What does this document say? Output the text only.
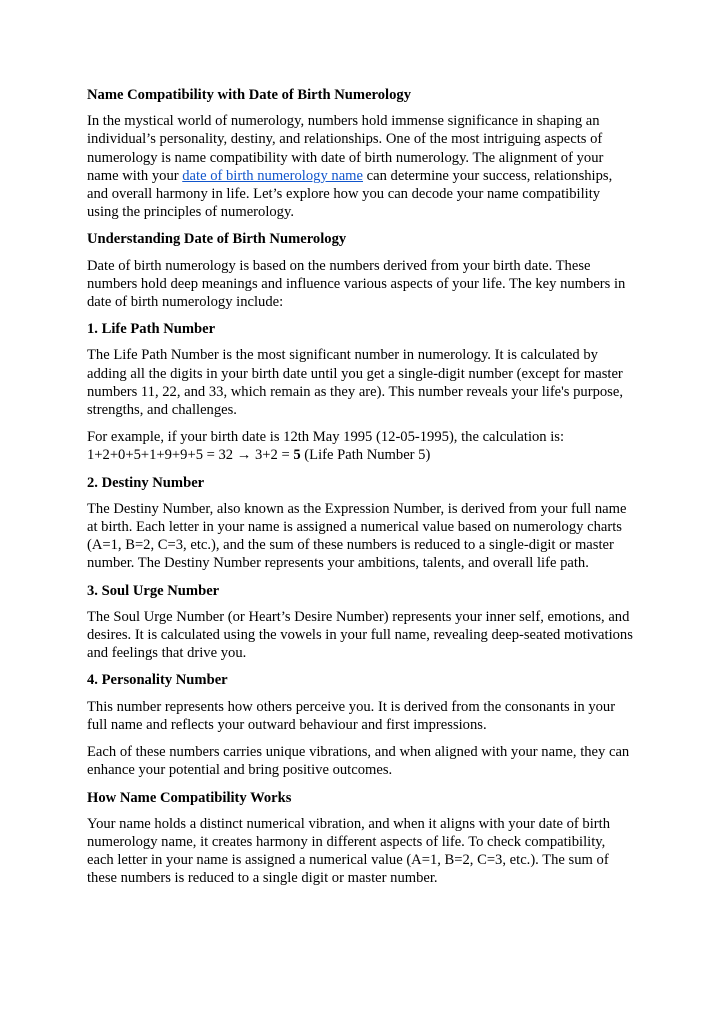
Name Compatibility with Date of Birth Numerology

In the mystical world of numerology, numbers hold immense significance in shaping an individual’s personality, destiny, and relationships. One of the most intriguing aspects of numerology is name compatibility with date of birth numerology. The alignment of your name with your date of birth numerology name can determine your success, relationships, and overall harmony in life. Let’s explore how you can decode your name compatibility using the principles of numerology.

Understanding Date of Birth Numerology

Date of birth numerology is based on the numbers derived from your birth date. These numbers hold deep meanings and influence various aspects of your life. The key numbers in date of birth numerology include:

1. Life Path Number

The Life Path Number is the most significant number in numerology. It is calculated by adding all the digits in your birth date until you get a single-digit number (except for master numbers 11, 22, and 33, which remain as they are). This number reveals your life's purpose, strengths, and challenges.

For example, if your birth date is 12th May 1995 (12-05-1995), the calculation is:
1+2+0+5+1+9+9+5 = 32 → 3+2 = 5 (Life Path Number 5)

2. Destiny Number

The Destiny Number, also known as the Expression Number, is derived from your full name at birth. Each letter in your name is assigned a numerical value based on numerology charts (A=1, B=2, C=3, etc.), and the sum of these numbers is reduced to a single-digit or master number. The Destiny Number represents your ambitions, talents, and overall life path.

3. Soul Urge Number

The Soul Urge Number (or Heart’s Desire Number) represents your inner self, emotions, and desires. It is calculated using the vowels in your full name, revealing deep-seated motivations and feelings that drive you.

4. Personality Number

This number represents how others perceive you. It is derived from the consonants in your full name and reflects your outward behaviour and first impressions.

Each of these numbers carries unique vibrations, and when aligned with your name, they can enhance your potential and bring positive outcomes.

How Name Compatibility Works

Your name holds a distinct numerical vibration, and when it aligns with your date of birth numerology name, it creates harmony in different aspects of life. To check compatibility, each letter in your name is assigned a numerical value (A=1, B=2, C=3, etc.). The sum of these numbers is reduced to a single digit or master number.
